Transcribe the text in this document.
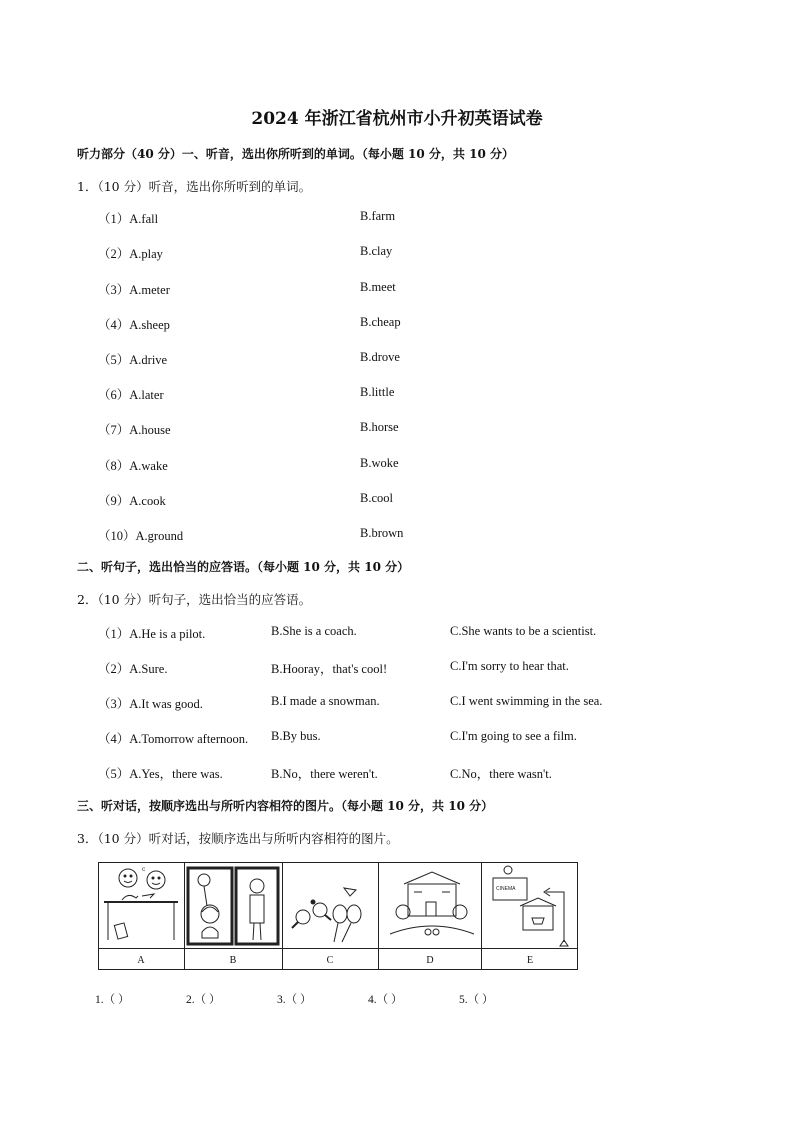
2024 年浙江省杭州市小升初英语试卷
听力部分（40 分）一、听音，选出你所听到的单词。（每小题 10 分，共 10 分）
1．（10 分）听音，选出你所听到的单词。
（1）A.fall	B.farm
（2）A.play	B.clay
（3）A.meter	B.meet
（4）A.sheep	B.cheap
（5）A.drive	B.drove
（6）A.later	B.little
（7）A.house	B.horse
（8）A.wake	B.woke
（9）A.cook	B.cool
（10）A.ground	B.brown
二、听句子，选出恰当的应答语。（每小题 10 分，共 10 分）
2．（10 分）听句子，选出恰当的应答语。
（1）A.He is a pilot.	B.She is a coach.	C.She wants to be a scientist.
（2）A.Sure.	B.Hooray，that's cool!	C.I'm sorry to hear that.
（3）A.It was good.	B.I made a snowman.	C.I went swimming in the sea.
（4）A.Tomorrow afternoon. B.By bus.	C.I'm going to see a film.
（5）A.Yes，there was.	B.No，there weren't.	C.No，there wasn't.
三、听对话，按顺序选出与所听内容相符的图片。（每小题 10 分，共 10 分）
3．（10 分）听对话，按顺序选出与所听内容相符的图片。
c
CINEMA
A	B	C	D	E
1.（ ）	2.（ ）	3.（ ）	4.（ ）	5.（ ）
